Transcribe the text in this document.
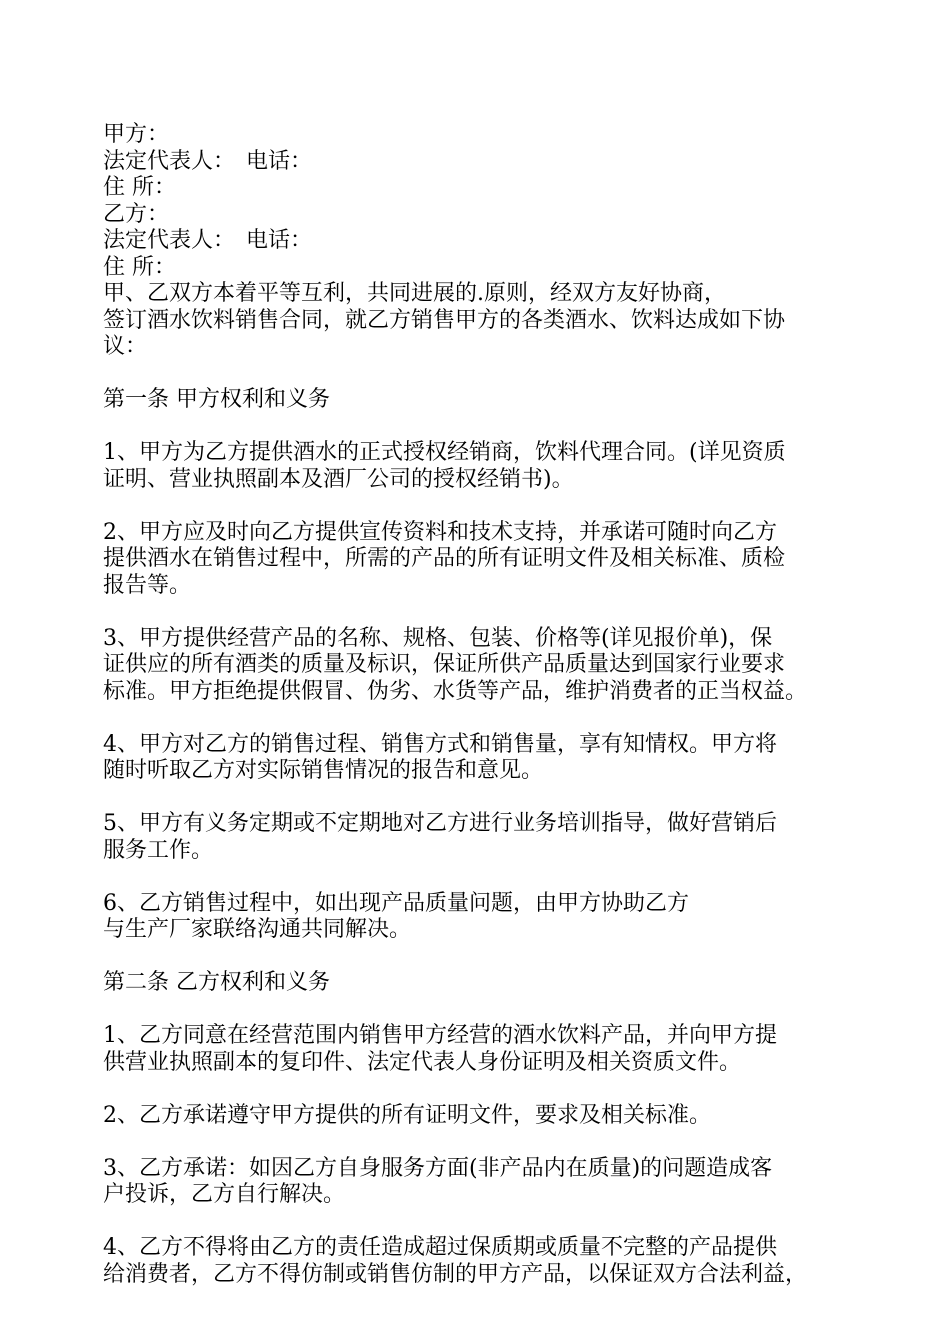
甲方：
法定代表人：　电话：
住 所：
乙方：
法定代表人：　电话：
住 所：
甲、乙双方本着平等互利，共同进展的.原则，经双方友好协商，
签订酒水饮料销售合同，就乙方销售甲方的各类酒水、饮料达成如下协
议：
第一条 甲方权利和义务
1、甲方为乙方提供酒水的正式授权经销商，饮料代理合同。(详见资质
证明、营业执照副本及酒厂公司的授权经销书)。
2、甲方应及时向乙方提供宣传资料和技术支持，并承诺可随时向乙方
提供酒水在销售过程中，所需的产品的所有证明文件及相关标准、质检
报告等。
3、甲方提供经营产品的名称、规格、包装、价格等(详见报价单)，保
证供应的所有酒类的质量及标识，保证所供产品质量达到国家行业要求
标准。甲方拒绝提供假冒、伪劣、水货等产品，维护消费者的正当权益。
4、甲方对乙方的销售过程、销售方式和销售量，享有知情权。甲方将
随时听取乙方对实际销售情况的报告和意见。
5、甲方有义务定期或不定期地对乙方进行业务培训指导，做好营销后
服务工作。
6、乙方销售过程中，如出现产品质量问题，由甲方协助乙方
与生产厂家联络沟通共同解决。
第二条 乙方权利和义务
1、乙方同意在经营范围内销售甲方经营的酒水饮料产品，并向甲方提
供营业执照副本的复印件、法定代表人身份证明及相关资质文件。
2、乙方承诺遵守甲方提供的所有证明文件，要求及相关标准。
3、乙方承诺：如因乙方自身服务方面(非产品内在质量)的问题造成客
户投诉，乙方自行解决。
4、乙方不得将由乙方的责任造成超过保质期或质量不完整的产品提供
给消费者，乙方不得仿制或销售仿制的甲方产品，以保证双方合法利益，
